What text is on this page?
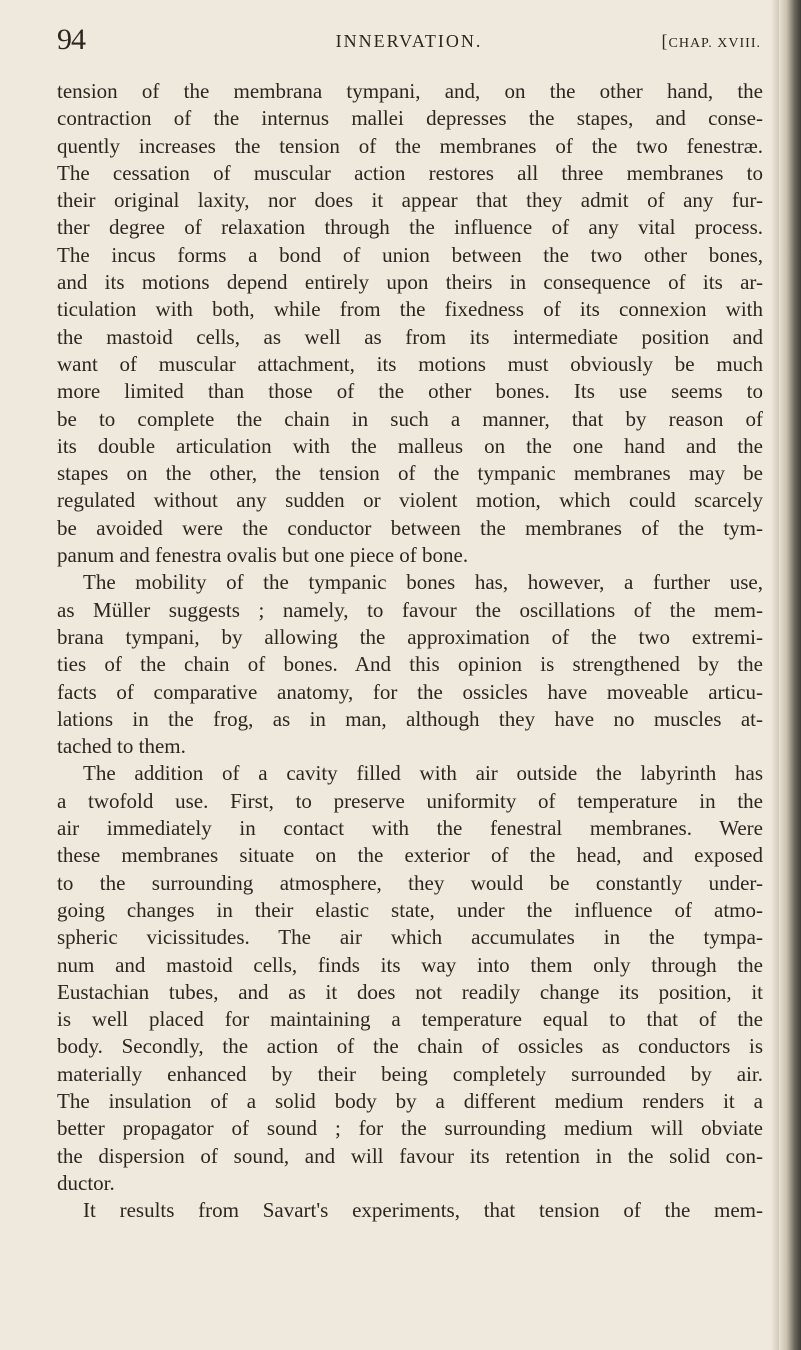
94	INNERVATION.	[CHAP. XVIII.
tension of the membrana tympani, and, on the other hand, the
contraction of the internus mallei depresses the stapes, and conse-
quently increases the tension of the membranes of the two fenestræ.
The cessation of muscular action restores all three membranes to
their original laxity, nor does it appear that they admit of any fur-
ther degree of relaxation through the influence of any vital process.
The incus forms a bond of union between the two other bones,
and its motions depend entirely upon theirs in consequence of its ar-
ticulation with both, while from the fixedness of its connexion with
the mastoid cells, as well as from its intermediate position and
want of muscular attachment, its motions must obviously be much
more limited than those of the other bones. Its use seems to
be to complete the chain in such a manner, that by reason of
its double articulation with the malleus on the one hand and the
stapes on the other, the tension of the tympanic membranes may be
regulated without any sudden or violent motion, which could scarcely
be avoided were the conductor between the membranes of the tym-
panum and fenestra ovalis but one piece of bone.
The mobility of the tympanic bones has, however, a further use,
as Müller suggests ; namely, to favour the oscillations of the mem-
brana tympani, by allowing the approximation of the two extremi-
ties of the chain of bones. And this opinion is strengthened by the
facts of comparative anatomy, for the ossicles have moveable articu-
lations in the frog, as in man, although they have no muscles at-
tached to them.
The addition of a cavity filled with air outside the labyrinth has
a twofold use. First, to preserve uniformity of temperature in the
air immediately in contact with the fenestral membranes. Were
these membranes situate on the exterior of the head, and exposed
to the surrounding atmosphere, they would be constantly under-
going changes in their elastic state, under the influence of atmo-
spheric vicissitudes. The air which accumulates in the tympa-
num and mastoid cells, finds its way into them only through the
Eustachian tubes, and as it does not readily change its position, it
is well placed for maintaining a temperature equal to that of the
body. Secondly, the action of the chain of ossicles as conductors is
materially enhanced by their being completely surrounded by air.
The insulation of a solid body by a different medium renders it a
better propagator of sound ; for the surrounding medium will obviate
the dispersion of sound, and will favour its retention in the solid con-
ductor.
It results from Savart's experiments, that tension of the mem-
